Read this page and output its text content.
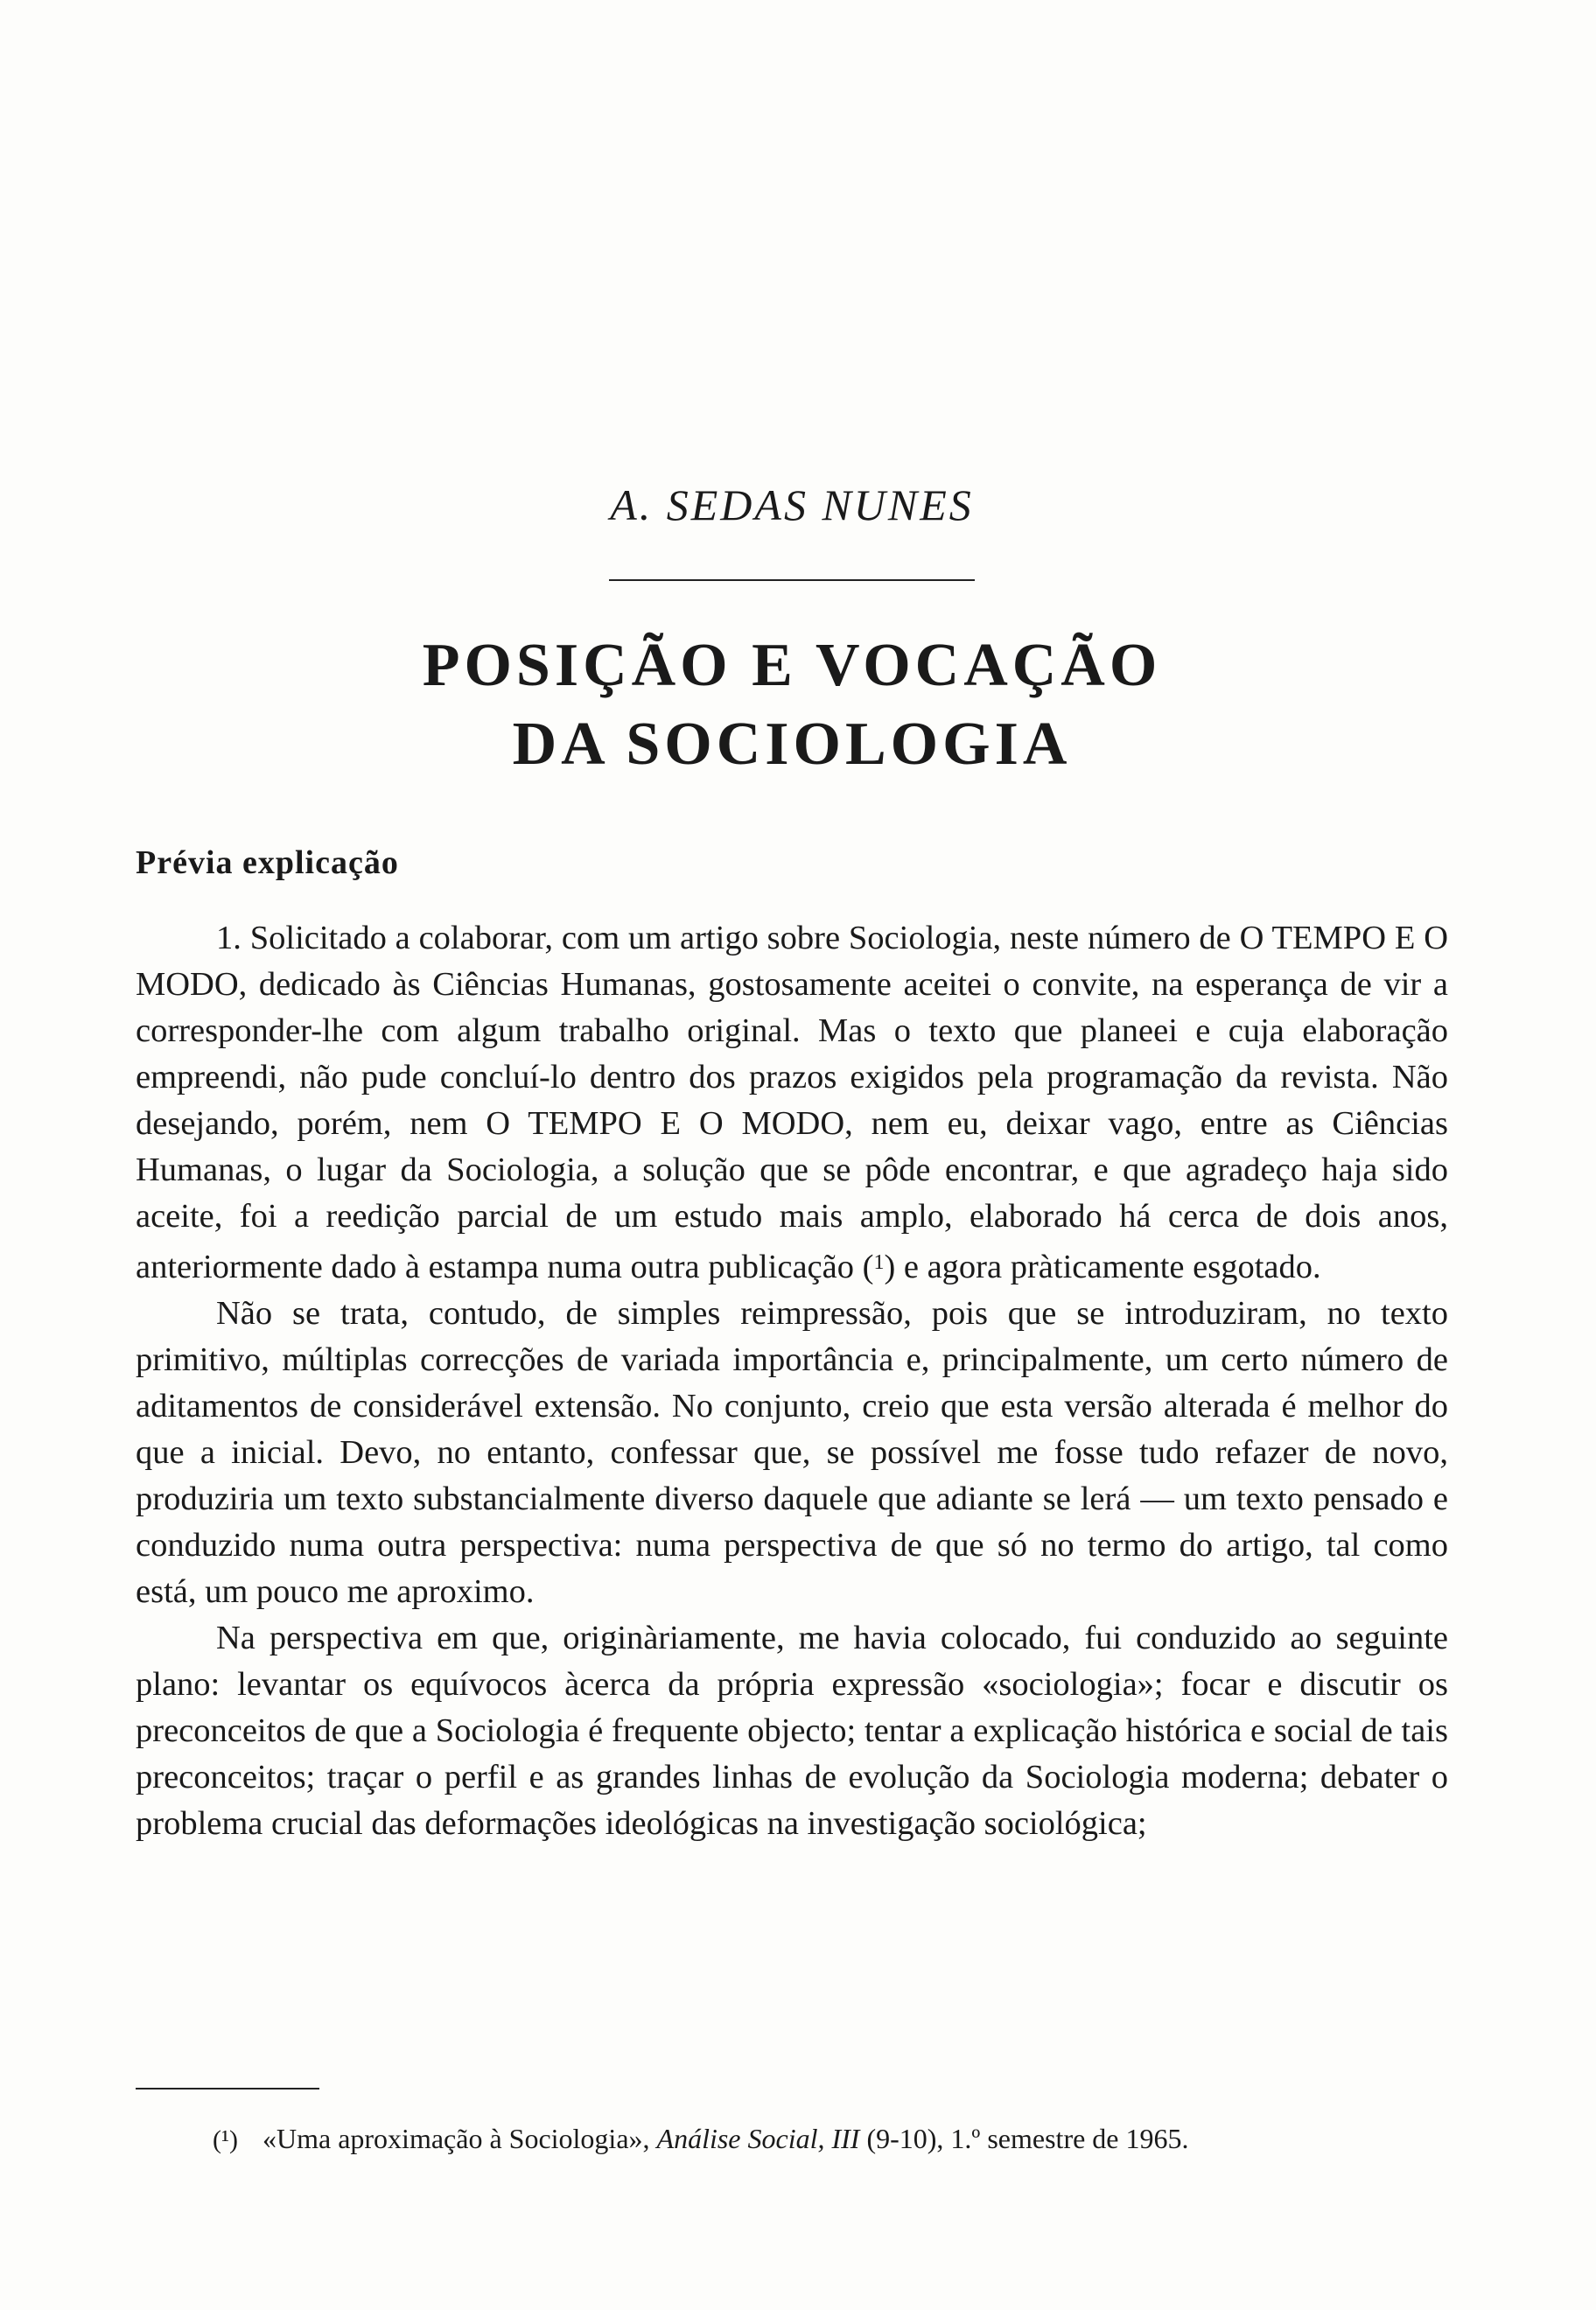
A. SEDAS NUNES
POSIÇÃO E VOCAÇÃO
DA SOCIOLOGIA
Prévia explicação

1. Solicitado a colaborar, com um artigo sobre Sociologia, neste número de O TEMPO E O MODO, dedicado às Ciências Humanas, gostosamente aceitei o convite, na esperança de vir a corresponder-lhe com algum trabalho original. Mas o texto que planeei e cuja elaboração empreendi, não pude concluí-lo dentro dos prazos exigidos pela programação da revista. Não desejando, porém, nem O TEMPO E O MODO, nem eu, deixar vago, entre as Ciências Humanas, o lugar da Sociologia, a solução que se pôde encontrar, e que agradeço haja sido aceite, foi a reedição parcial de um estudo mais amplo, elaborado há cerca de dois anos, anteriormente dado à estampa numa outra publicação ($^1$) e agora pràticamente esgotado.

Não se trata, contudo, de simples reimpressão, pois que se introduziram, no texto primitivo, múltiplas correcções de variada importância e, principalmente, um certo número de aditamentos de considerável extensão. No conjunto, creio que esta versão alterada é melhor do que a inicial. Devo, no entanto, confessar que, se possível me fosse tudo refazer de novo, produziria um texto substancialmente diverso daquele que adiante se lerá — um texto pensado e conduzido numa outra perspectiva: numa perspectiva de que só no termo do artigo, tal como está, um pouco me aproximo.

Na perspectiva em que, originàriamente, me havia colocado, fui conduzido ao seguinte plano: levantar os equívocos àcerca da própria expressão «sociologia»; focar e discutir os preconceitos de que a Sociologia é frequente objecto; tentar a explicação histórica e social de tais preconceitos; traçar o perfil e as grandes linhas de evolução da Sociologia moderna; debater o problema crucial das deformações ideológicas na investigação sociológica;

(¹) «Uma aproximação à Sociologia», Análise Social, III (9-10), 1.º semestre de 1965.
